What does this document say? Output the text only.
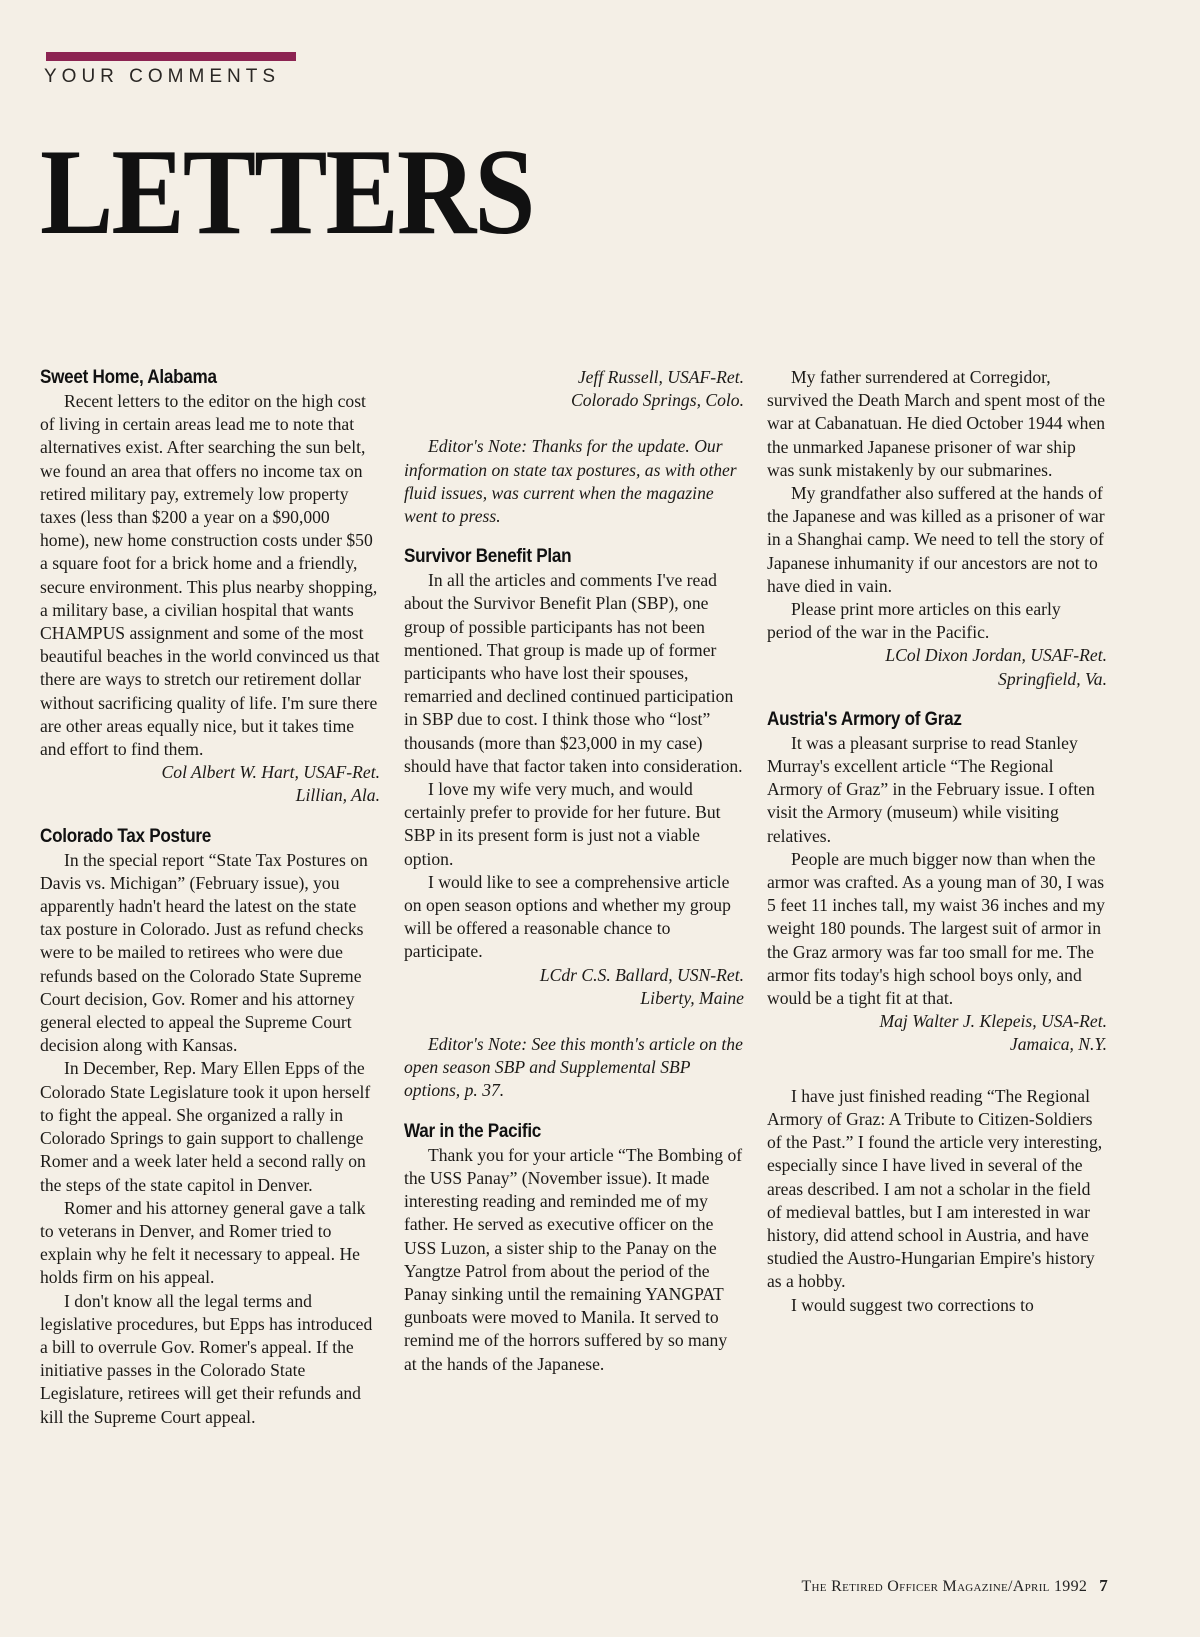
YOUR COMMENTS
LETTERS
Sweet Home, Alabama

Recent letters to the editor on the high cost of living in certain areas lead me to note that alternatives exist. After searching the sun belt, we found an area that offers no income tax on retired military pay, extremely low property taxes (less than $200 a year on a $90,000 home), new home construction costs under $50 a square foot for a brick home and a friendly, secure environment. This plus nearby shopping, a military base, a civilian hospital that wants CHAMPUS assignment and some of the most beautiful beaches in the world convinced us that there are ways to stretch our retirement dollar without sacrificing quality of life. I'm sure there are other areas equally nice, but it takes time and effort to find them.

Col Albert W. Hart, USAF-Ret.

Lillian, Ala.

Colorado Tax Posture

In the special report “State Tax Postures on Davis vs. Michigan” (February issue), you apparently hadn't heard the latest on the state tax posture in Colorado. Just as refund checks were to be mailed to retirees who were due refunds based on the Colorado State Supreme Court decision, Gov. Romer and his attorney general elected to appeal the Supreme Court decision along with Kansas.

In December, Rep. Mary Ellen Epps of the Colorado State Legislature took it upon herself to fight the appeal. She organized a rally in Colorado Springs to gain support to challenge Romer and a week later held a second rally on the steps of the state capitol in Denver.

Romer and his attorney general gave a talk to veterans in Denver, and Romer tried to explain why he felt it necessary to appeal. He holds firm on his appeal.

I don't know all the legal terms and legislative procedures, but Epps has introduced a bill to overrule Gov. Romer's appeal. If the initiative passes in the Colorado State Legislature, retirees will get their refunds and kill the Supreme Court appeal.

Jeff Russell, USAF-Ret.

Colorado Springs, Colo.

Editor's Note: Thanks for the update. Our information on state tax postures, as with other fluid issues, was current when the magazine went to press.

Survivor Benefit Plan

In all the articles and comments I've read about the Survivor Benefit Plan (SBP), one group of possible participants has not been mentioned. That group is made up of former participants who have lost their spouses, remarried and declined continued participation in SBP due to cost. I think those who “lost” thousands (more than $23,000 in my case) should have that factor taken into consideration.

I love my wife very much, and would certainly prefer to provide for her future. But SBP in its present form is just not a viable option.

I would like to see a comprehensive article on open season options and whether my group will be offered a reasonable chance to participate.

LCdr C.S. Ballard, USN-Ret.

Liberty, Maine

Editor's Note: See this month's article on the open season SBP and Supplemental SBP options, p. 37.

War in the Pacific

Thank you for your article “The Bombing of the USS Panay” (November issue). It made interesting reading and reminded me of my father. He served as executive officer on the USS Luzon, a sister ship to the Panay on the Yangtze Patrol from about the period of the Panay sinking until the remaining YANGPAT gunboats were moved to Manila. It served to remind me of the horrors suffered by so many at the hands of the Japanese.

My father surrendered at Corregidor, survived the Death March and spent most of the war at Cabanatuan. He died October 1944 when the unmarked Japanese prisoner of war ship was sunk mistakenly by our submarines.

My grandfather also suffered at the hands of the Japanese and was killed as a prisoner of war in a Shanghai camp. We need to tell the story of Japanese inhumanity if our ancestors are not to have died in vain.

Please print more articles on this early period of the war in the Pacific.

LCol Dixon Jordan, USAF-Ret.

Springfield, Va.

Austria's Armory of Graz

It was a pleasant surprise to read Stanley Murray's excellent article “The Regional Armory of Graz” in the February issue. I often visit the Armory (museum) while visiting relatives.

People are much bigger now than when the armor was crafted. As a young man of 30, I was 5 feet 11 inches tall, my waist 36 inches and my weight 180 pounds. The largest suit of armor in the Graz armory was far too small for me. The armor fits today's high school boys only, and would be a tight fit at that.

Maj Walter J. Klepeis, USA-Ret.

Jamaica, N.Y.

I have just finished reading “The Regional Armory of Graz: A Tribute to Citizen-Soldiers of the Past.” I found the article very interesting, especially since I have lived in several of the areas described. I am not a scholar in the field of medieval battles, but I am interested in war history, did attend school in Austria, and have studied the Austro-Hungarian Empire's history as a hobby.

I would suggest two corrections to

The Retired Officer Magazine/April 1992 7
